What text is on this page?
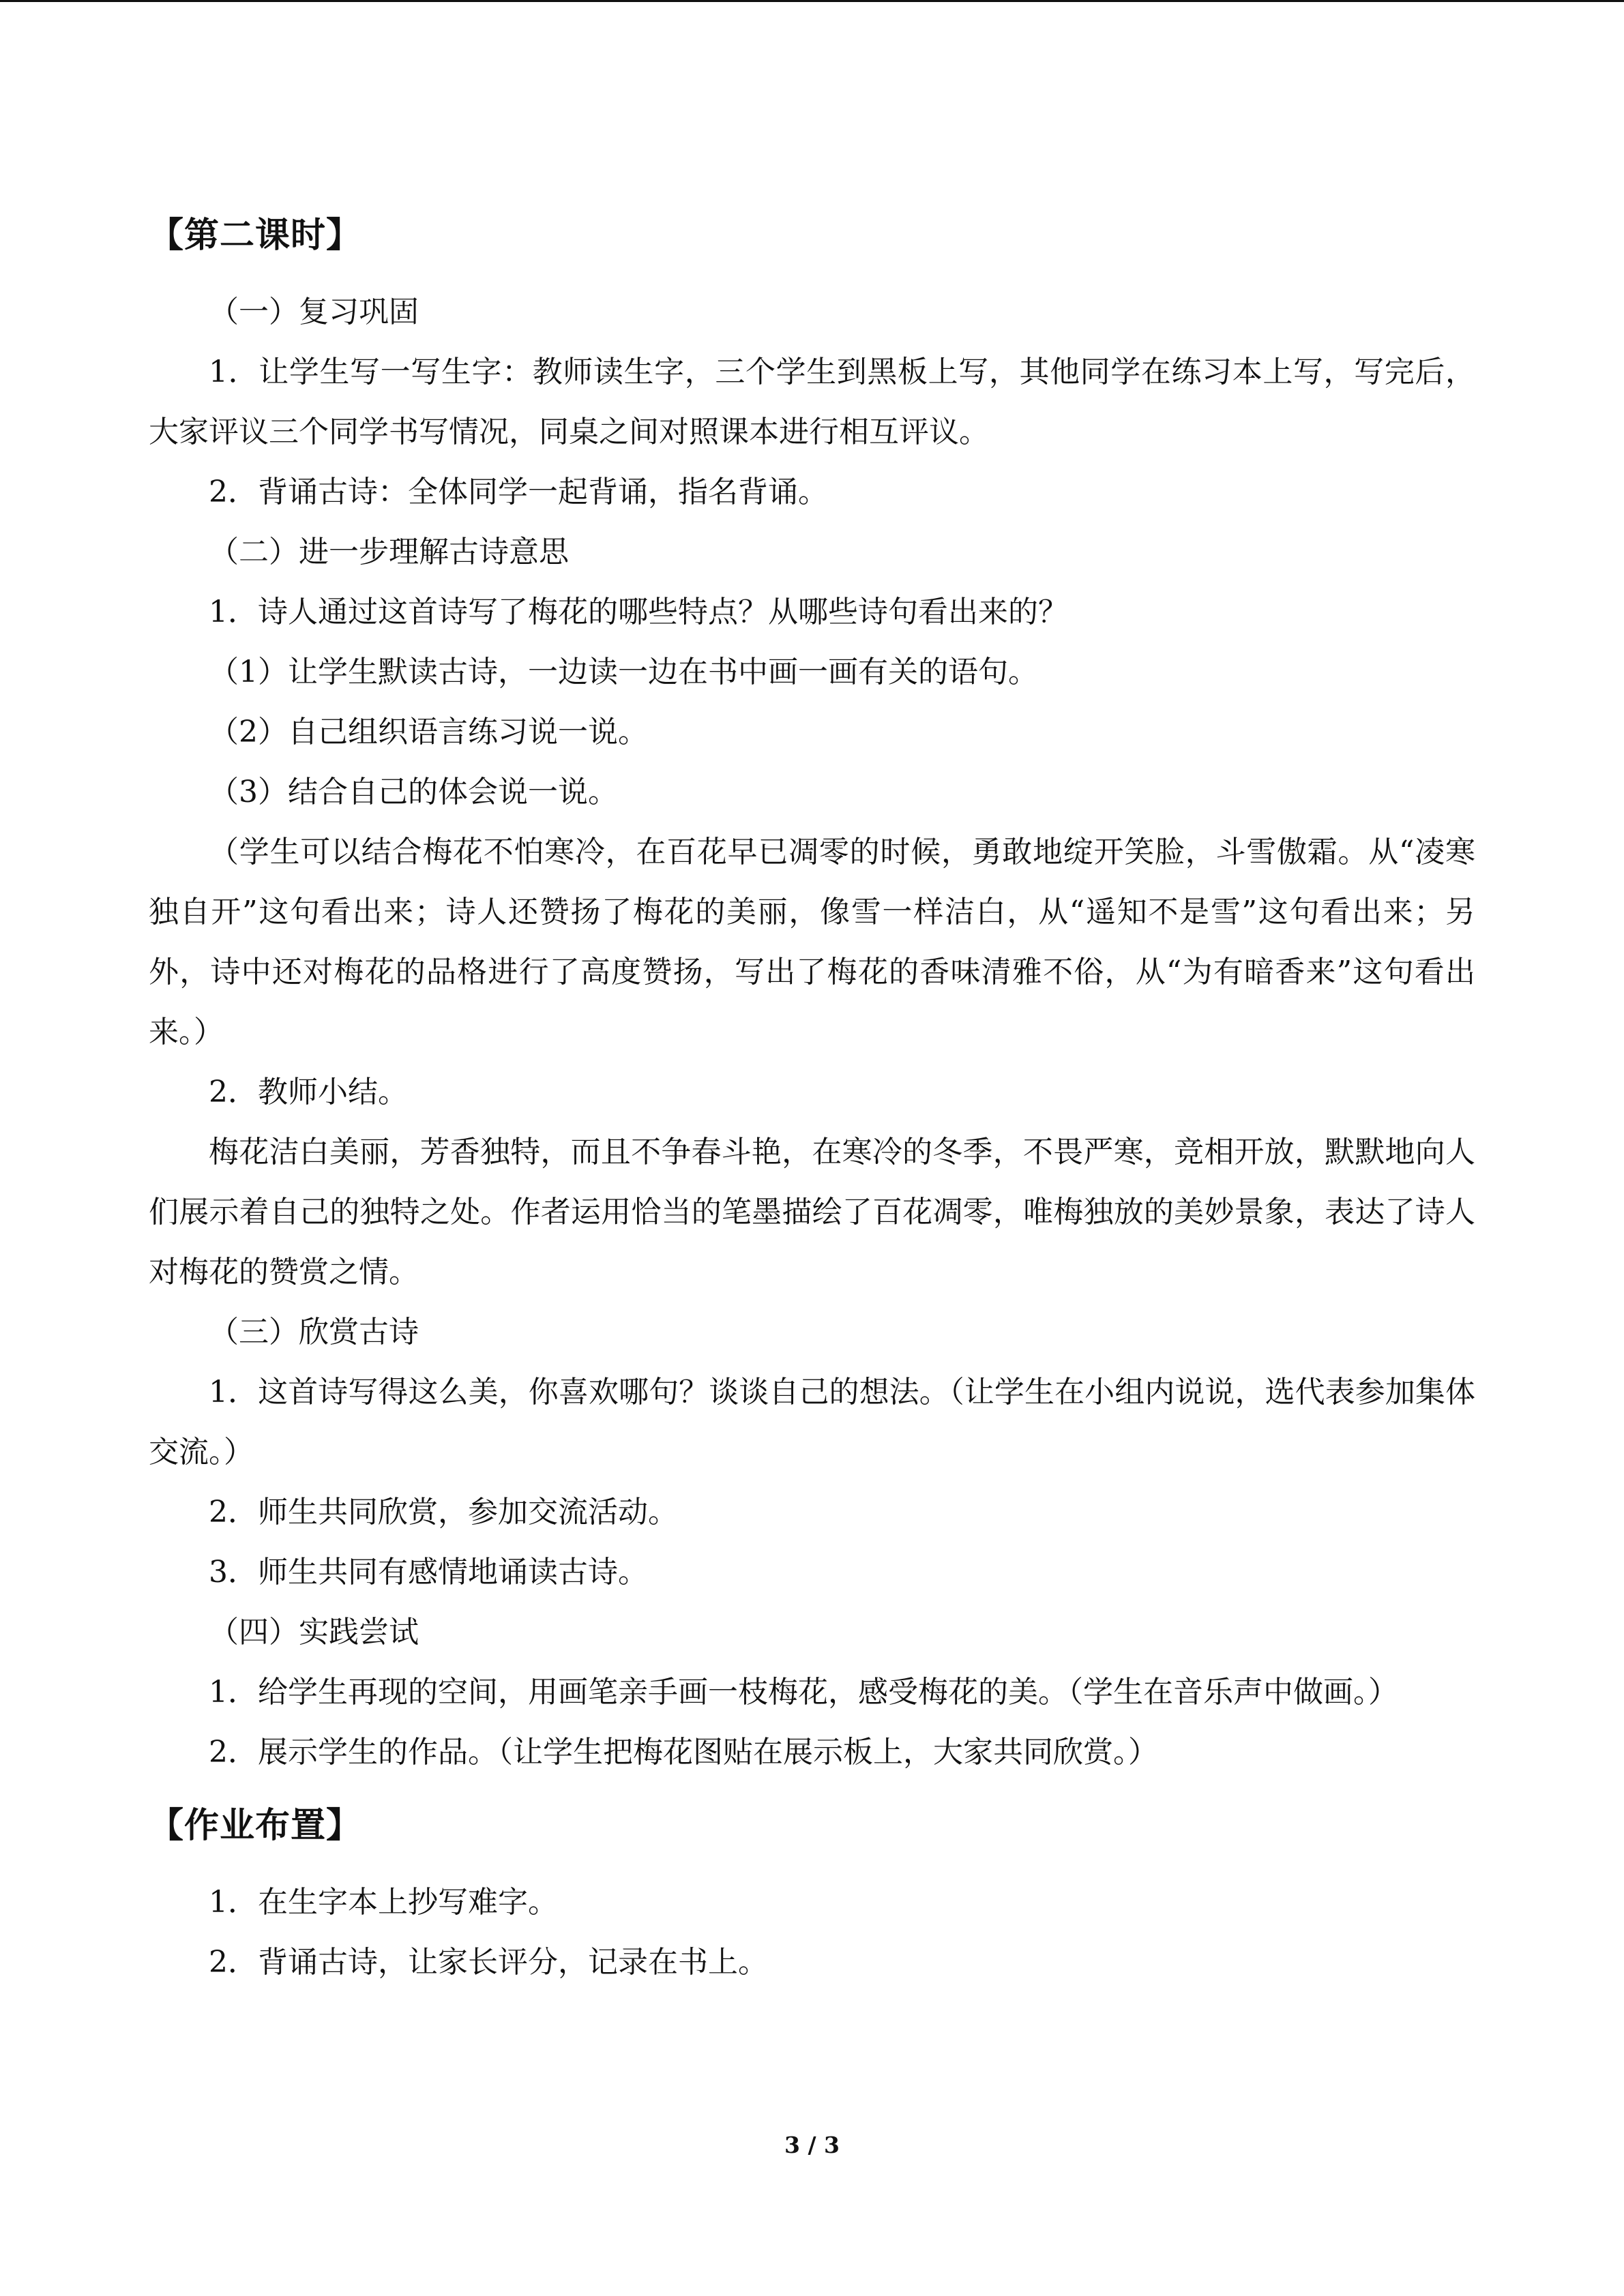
【第二课时】

（一）复习巩固

1．让学生写一写生字：教师读生字，三个学生到黑板上写，其他同学在练习本上写，写完后，大家评议三个同学书写情况，同桌之间对照课本进行相互评议。

2．背诵古诗：全体同学一起背诵，指名背诵。

（二）进一步理解古诗意思

1．诗人通过这首诗写了梅花的哪些特点？从哪些诗句看出来的？

（1）让学生默读古诗，一边读一边在书中画一画有关的语句。

（2）自己组织语言练习说一说。

（3）结合自己的体会说一说。

（学生可以结合梅花不怕寒冷，在百花早已凋零的时候，勇敢地绽开笑脸，斗雪傲霜。从“凌寒独自开”这句看出来；诗人还赞扬了梅花的美丽，像雪一样洁白，从“遥知不是雪”这句看出来；另外，诗中还对梅花的品格进行了高度赞扬，写出了梅花的香味清雅不俗，从“为有暗香来”这句看出来。）

2．教师小结。

梅花洁白美丽，芳香独特，而且不争春斗艳，在寒冷的冬季，不畏严寒，竞相开放，默默地向人们展示着自己的独特之处。作者运用恰当的笔墨描绘了百花凋零，唯梅独放的美妙景象，表达了诗人对梅花的赞赏之情。

（三）欣赏古诗

1．这首诗写得这么美，你喜欢哪句？谈谈自己的想法。（让学生在小组内说说，选代表参加集体交流。）

2．师生共同欣赏，参加交流活动。

3．师生共同有感情地诵读古诗。

（四）实践尝试

1．给学生再现的空间，用画笔亲手画一枝梅花，感受梅花的美。（学生在音乐声中做画。）

2．展示学生的作品。（让学生把梅花图贴在展示板上，大家共同欣赏。）

【作业布置】

1．在生字本上抄写难字。

2．背诵古诗，让家长评分，记录在书上。

3 / 3
